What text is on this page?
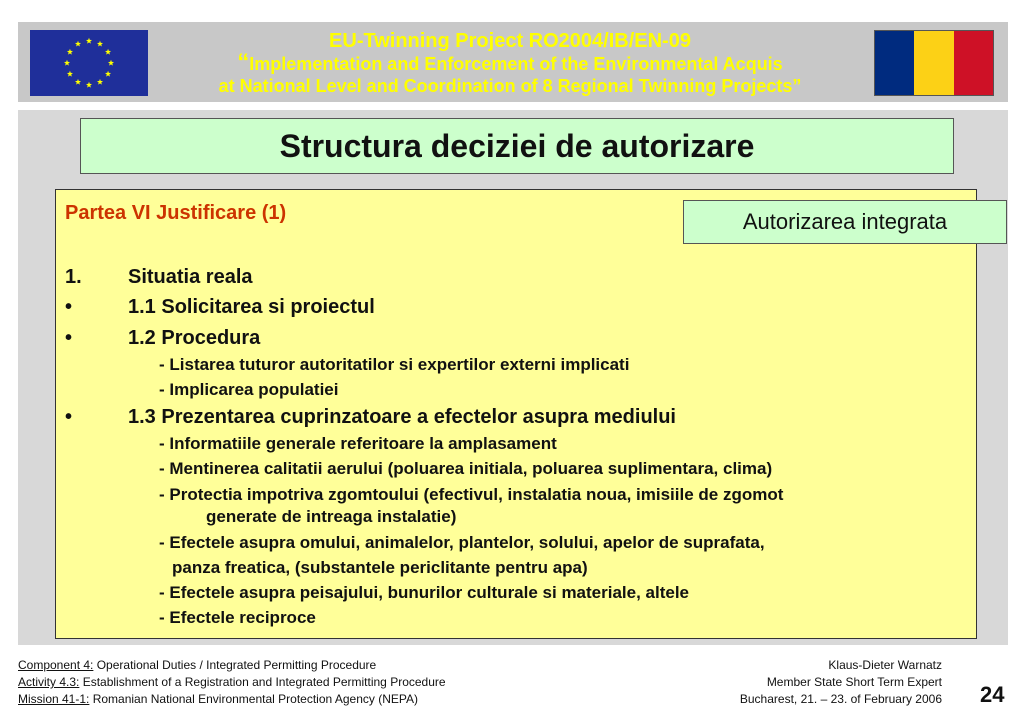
EU-Twinning Project RO2004/IB/EN-09
“Implementation and Enforcement of the Environmental Acquis
at National Level and Coordination of 8 Regional Twinning Projects”
Structura deciziei de autorizare
Partea VI Justificare (1)	Autorizarea integrata
1. Situatia reala
•	1.1 Solicitarea si proiectul
•	1.2 Procedura
- Listarea tuturor autoritatilor si expertilor externi implicati
- Implicarea populatiei
•	1.3 Prezentarea cuprinzatoare a efectelor asupra mediului
- Informatiile generale referitoare la amplasament
- Mentinerea calitatii aerului (poluarea initiala, poluarea suplimentara, clima)
- Protectia impotriva zgomtoului (efectivul, instalatia noua, imisiile de zgomot
generate de intreaga instalatie)
- Efectele asupra omului, animalelor, plantelor, solului, apelor de suprafata,
panza freatica, (substantele periclitante pentru apa)
- Efectele asupra peisajului, bunurilor culturale si materiale, altele
- Efectele reciproce
Component 4: Operational Duties / Integrated Permitting Procedure
Activity 4.3: Establishment of a Registration and Integrated Permitting Procedure
Mission 41-1: Romanian National Environmental Protection Agency (NEPA)
Klaus-Dieter Warnatz
Member State Short Term Expert
Bucharest, 21. – 23. of February 2006 24
